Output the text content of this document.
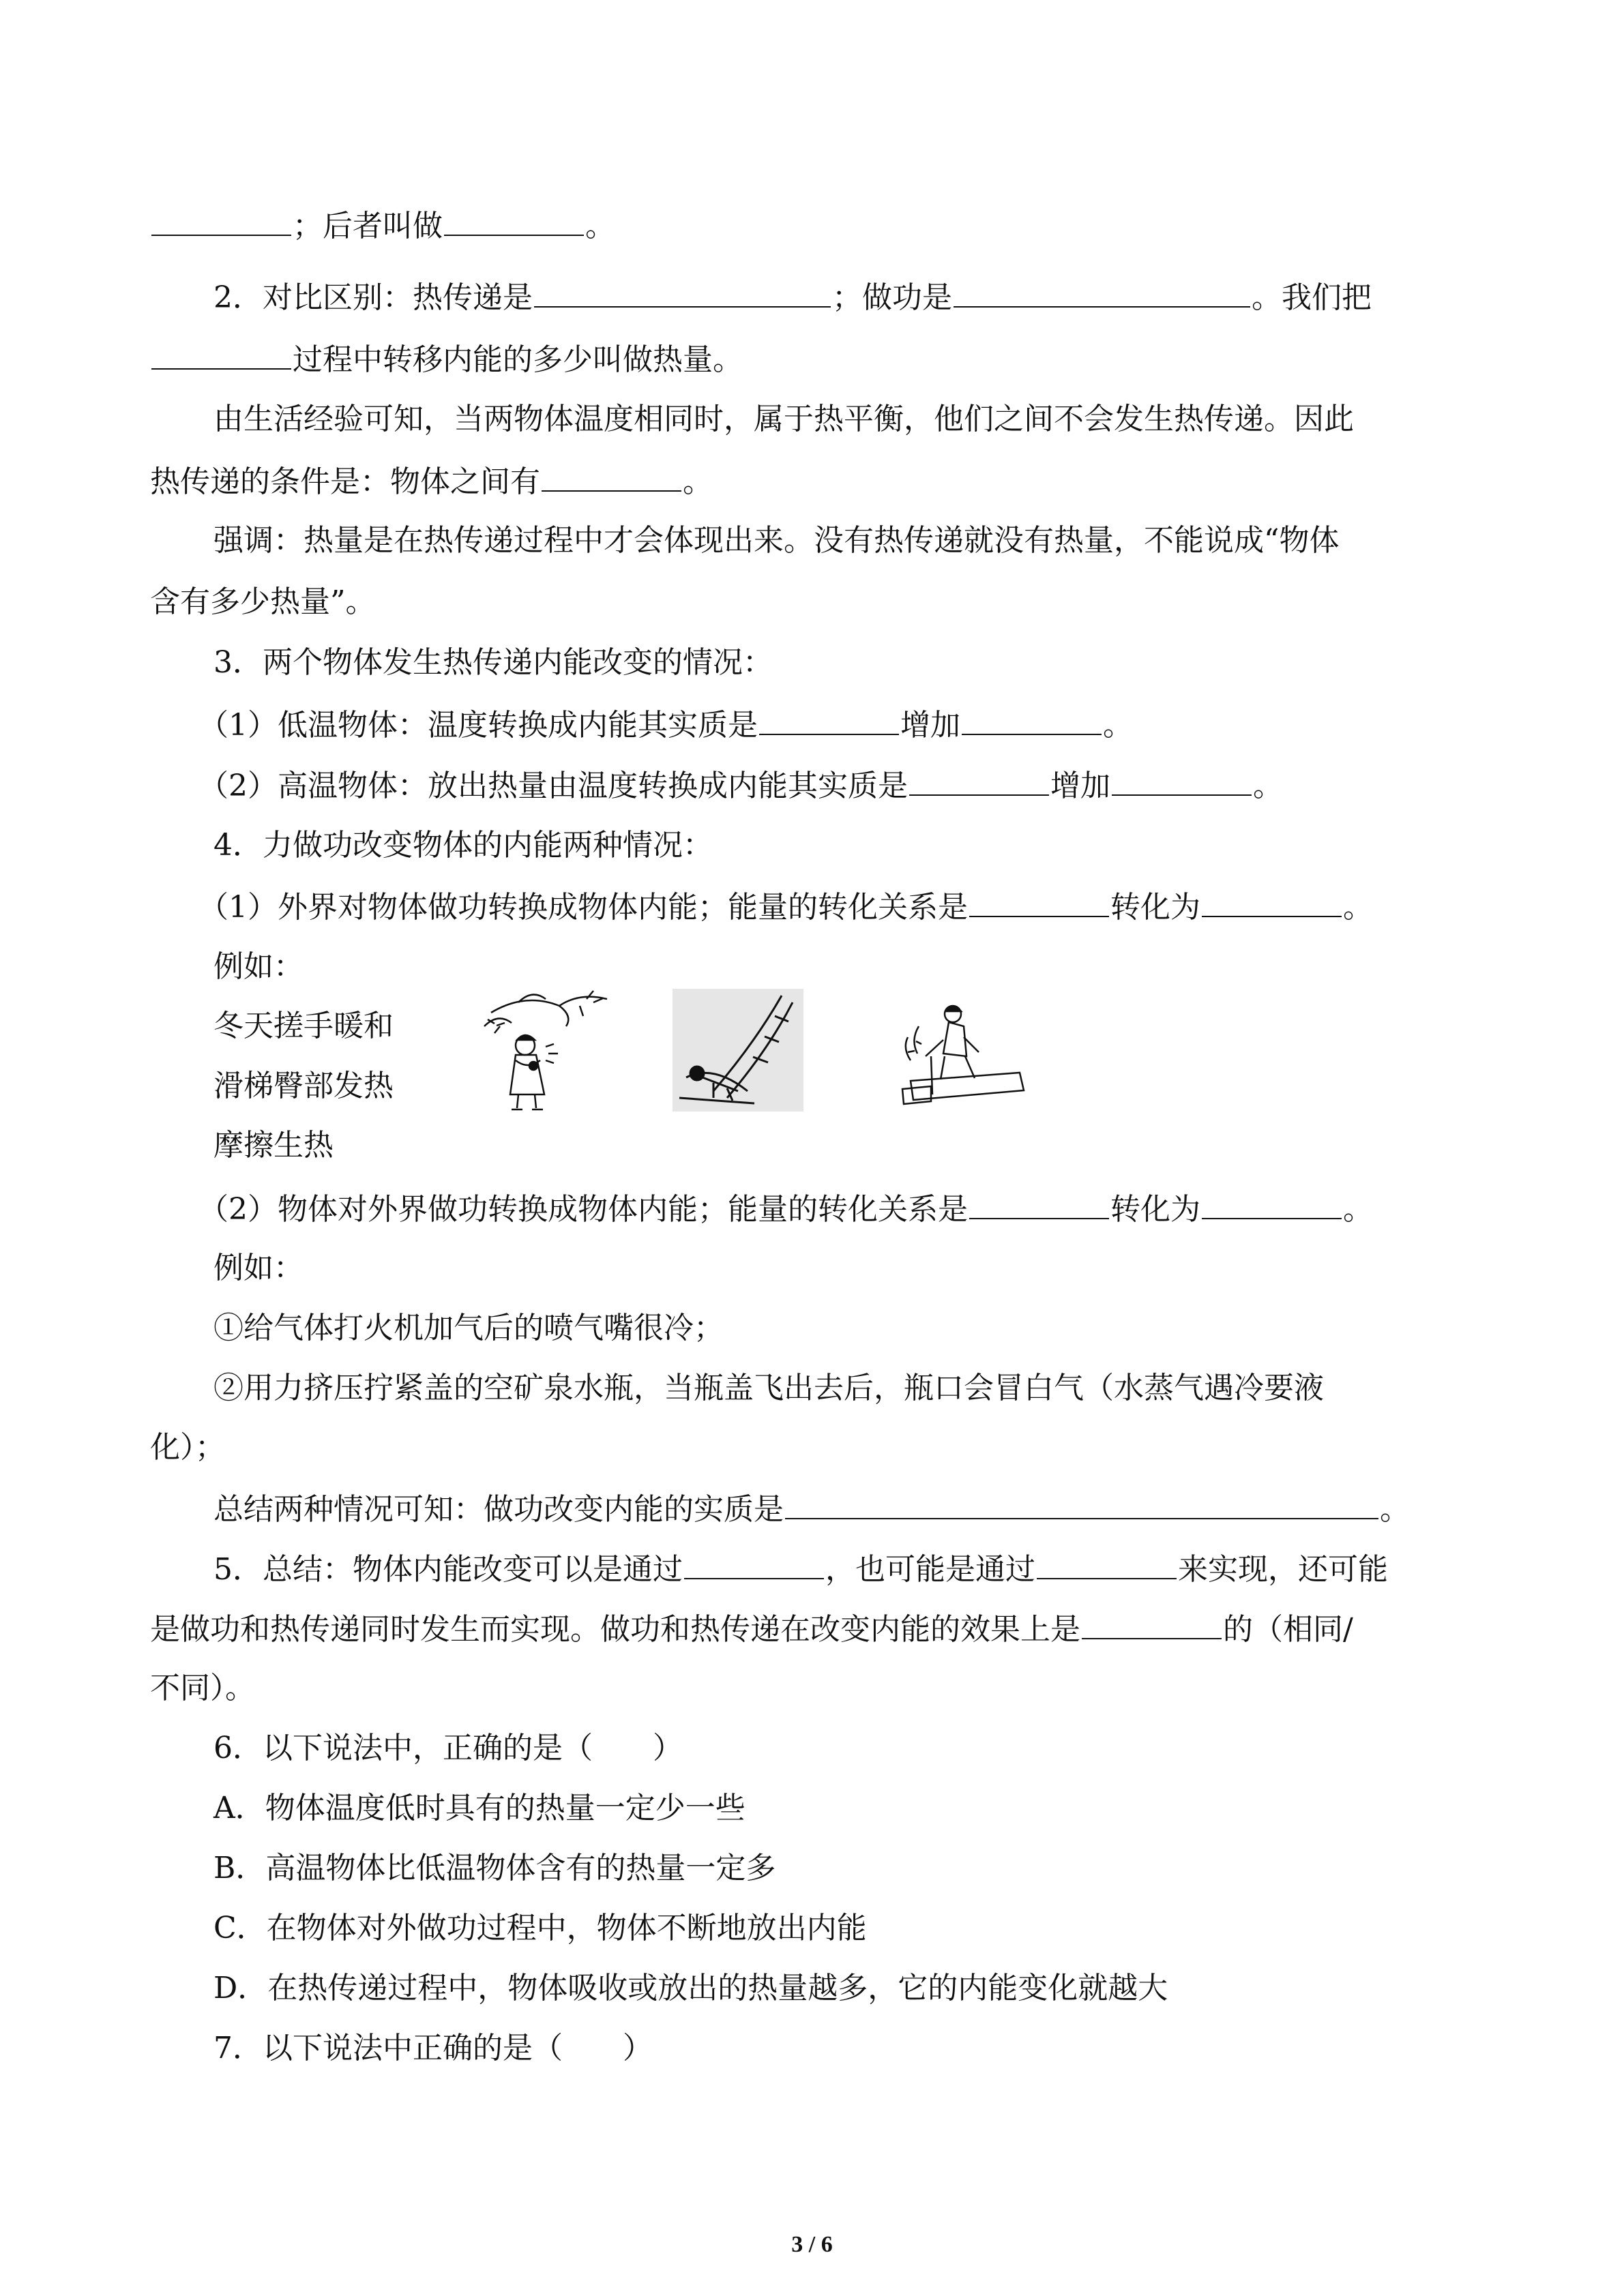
；后者叫做	。
2．对比区别：热传递是	；做功是	。我们把
过程中转移内能的多少叫做热量。
由生活经验可知，当两物体温度相同时，属于热平衡，他们之间不会发生热传递。因此
热传递的条件是：物体之间有	。
强调：热量是在热传递过程中才会体现出来。没有热传递就没有热量，不能说成“物体
含有多少热量”。
3．两个物体发生热传递内能改变的情况：
（1）低温物体：温度转换成内能其实质是	增加	。
（2）高温物体：放出热量由温度转换成内能其实质是	增加	。
4．力做功改变物体的内能两种情况：
（1）外界对物体做功转换成物体内能；能量的转化关系是	转化为	。
例如：
冬天搓手暖和
滑梯臀部发热
摩擦生热
（2）物体对外界做功转换成物体内能；能量的转化关系是	转化为	。
例如：
①给气体打火机加气后的喷气嘴很冷；
②用力挤压拧紧盖的空矿泉水瓶，当瓶盖飞出去后，瓶口会冒白气（水蒸气遇冷要液
化）；
总结两种情况可知：做功改变内能的实质是	。
5．总结：物体内能改变可以是通过	，也可能是通过	来实现，还可能
是做功和热传递同时发生而实现。做功和热传递在改变内能的效果上是	的（相同/
不同）。
6．以下说法中，正确的是（　　）
A．物体温度低时具有的热量一定少一些
B．高温物体比低温物体含有的热量一定多
C．在物体对外做功过程中，物体不断地放出内能
D．在热传递过程中，物体吸收或放出的热量越多，它的内能变化就越大
7．以下说法中正确的是（　　）
3 / 6
